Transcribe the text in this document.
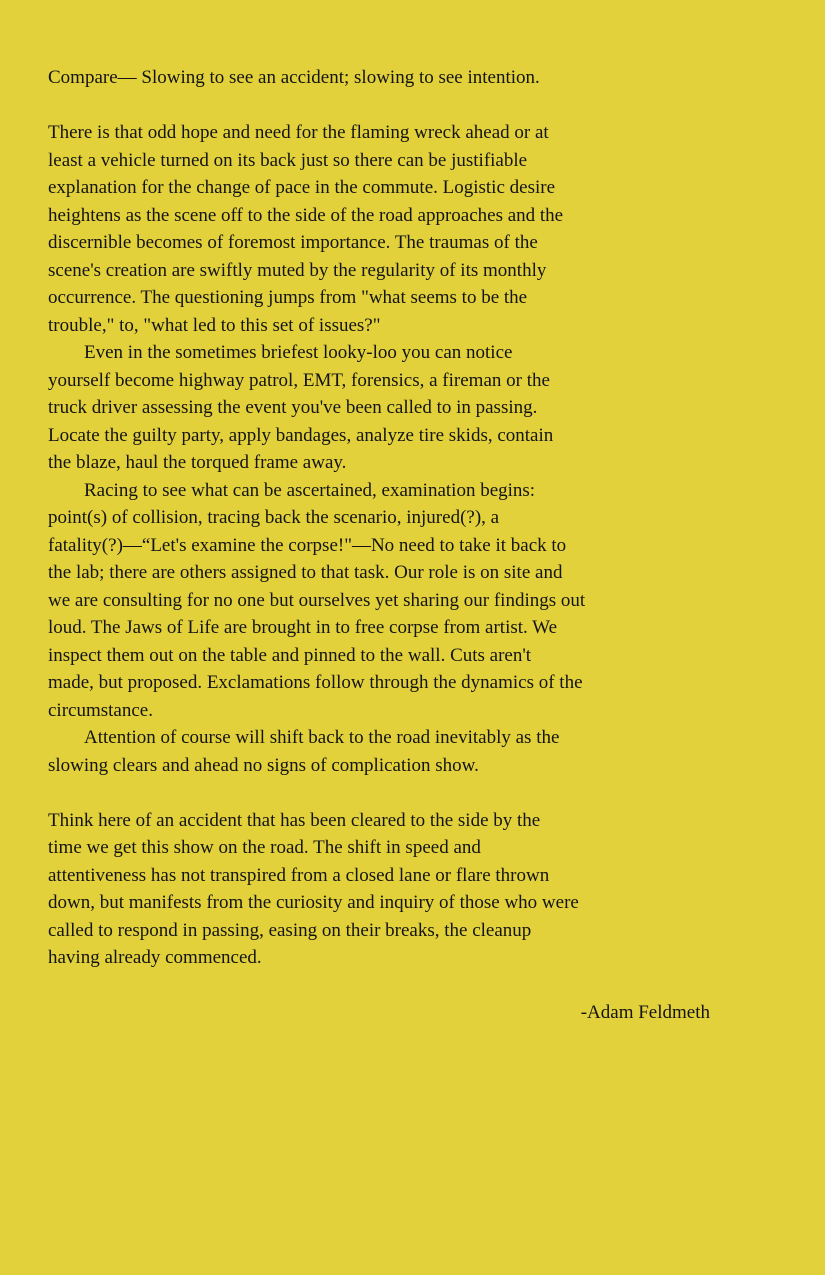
Compare— Slowing to see an accident; slowing to see intention.
There is that odd hope and need for the flaming wreck ahead or at
least a vehicle turned on its back just so there can be justifiable
explanation for the change of pace in the commute. Logistic desire
heightens as the scene off to the side of the road approaches and the
discernible becomes of foremost importance. The traumas of the
scene's creation are swiftly muted by the regularity of its monthly
occurrence. The questioning jumps from "what seems to be the
trouble," to, "what led to this set of issues?"
Even in the sometimes briefest looky-loo you can notice
yourself become highway patrol, EMT, forensics, a fireman or the
truck driver assessing the event you've been called to in passing.
Locate the guilty party, apply bandages, analyze tire skids, contain
the blaze, haul the torqued frame away.
Racing to see what can be ascertained, examination begins:
point(s) of collision, tracing back the scenario, injured(?), a
fatality(?)—“Let's examine the corpse!"—No need to take it back to
the lab; there are others assigned to that task. Our role is on site and
we are consulting for no one but ourselves yet sharing our findings out
loud. The Jaws of Life are brought in to free corpse from artist. We
inspect them out on the table and pinned to the wall. Cuts aren't
made, but proposed. Exclamations follow through the dynamics of the
circumstance.
Attention of course will shift back to the road inevitably as the
slowing clears and ahead no signs of complication show.
Think here of an accident that has been cleared to the side by the
time we get this show on the road. The shift in speed and
attentiveness has not transpired from a closed lane or flare thrown
down, but manifests from the curiosity and inquiry of those who were
called to respond in passing, easing on their breaks, the cleanup
having already commenced.
-Adam Feldmeth
